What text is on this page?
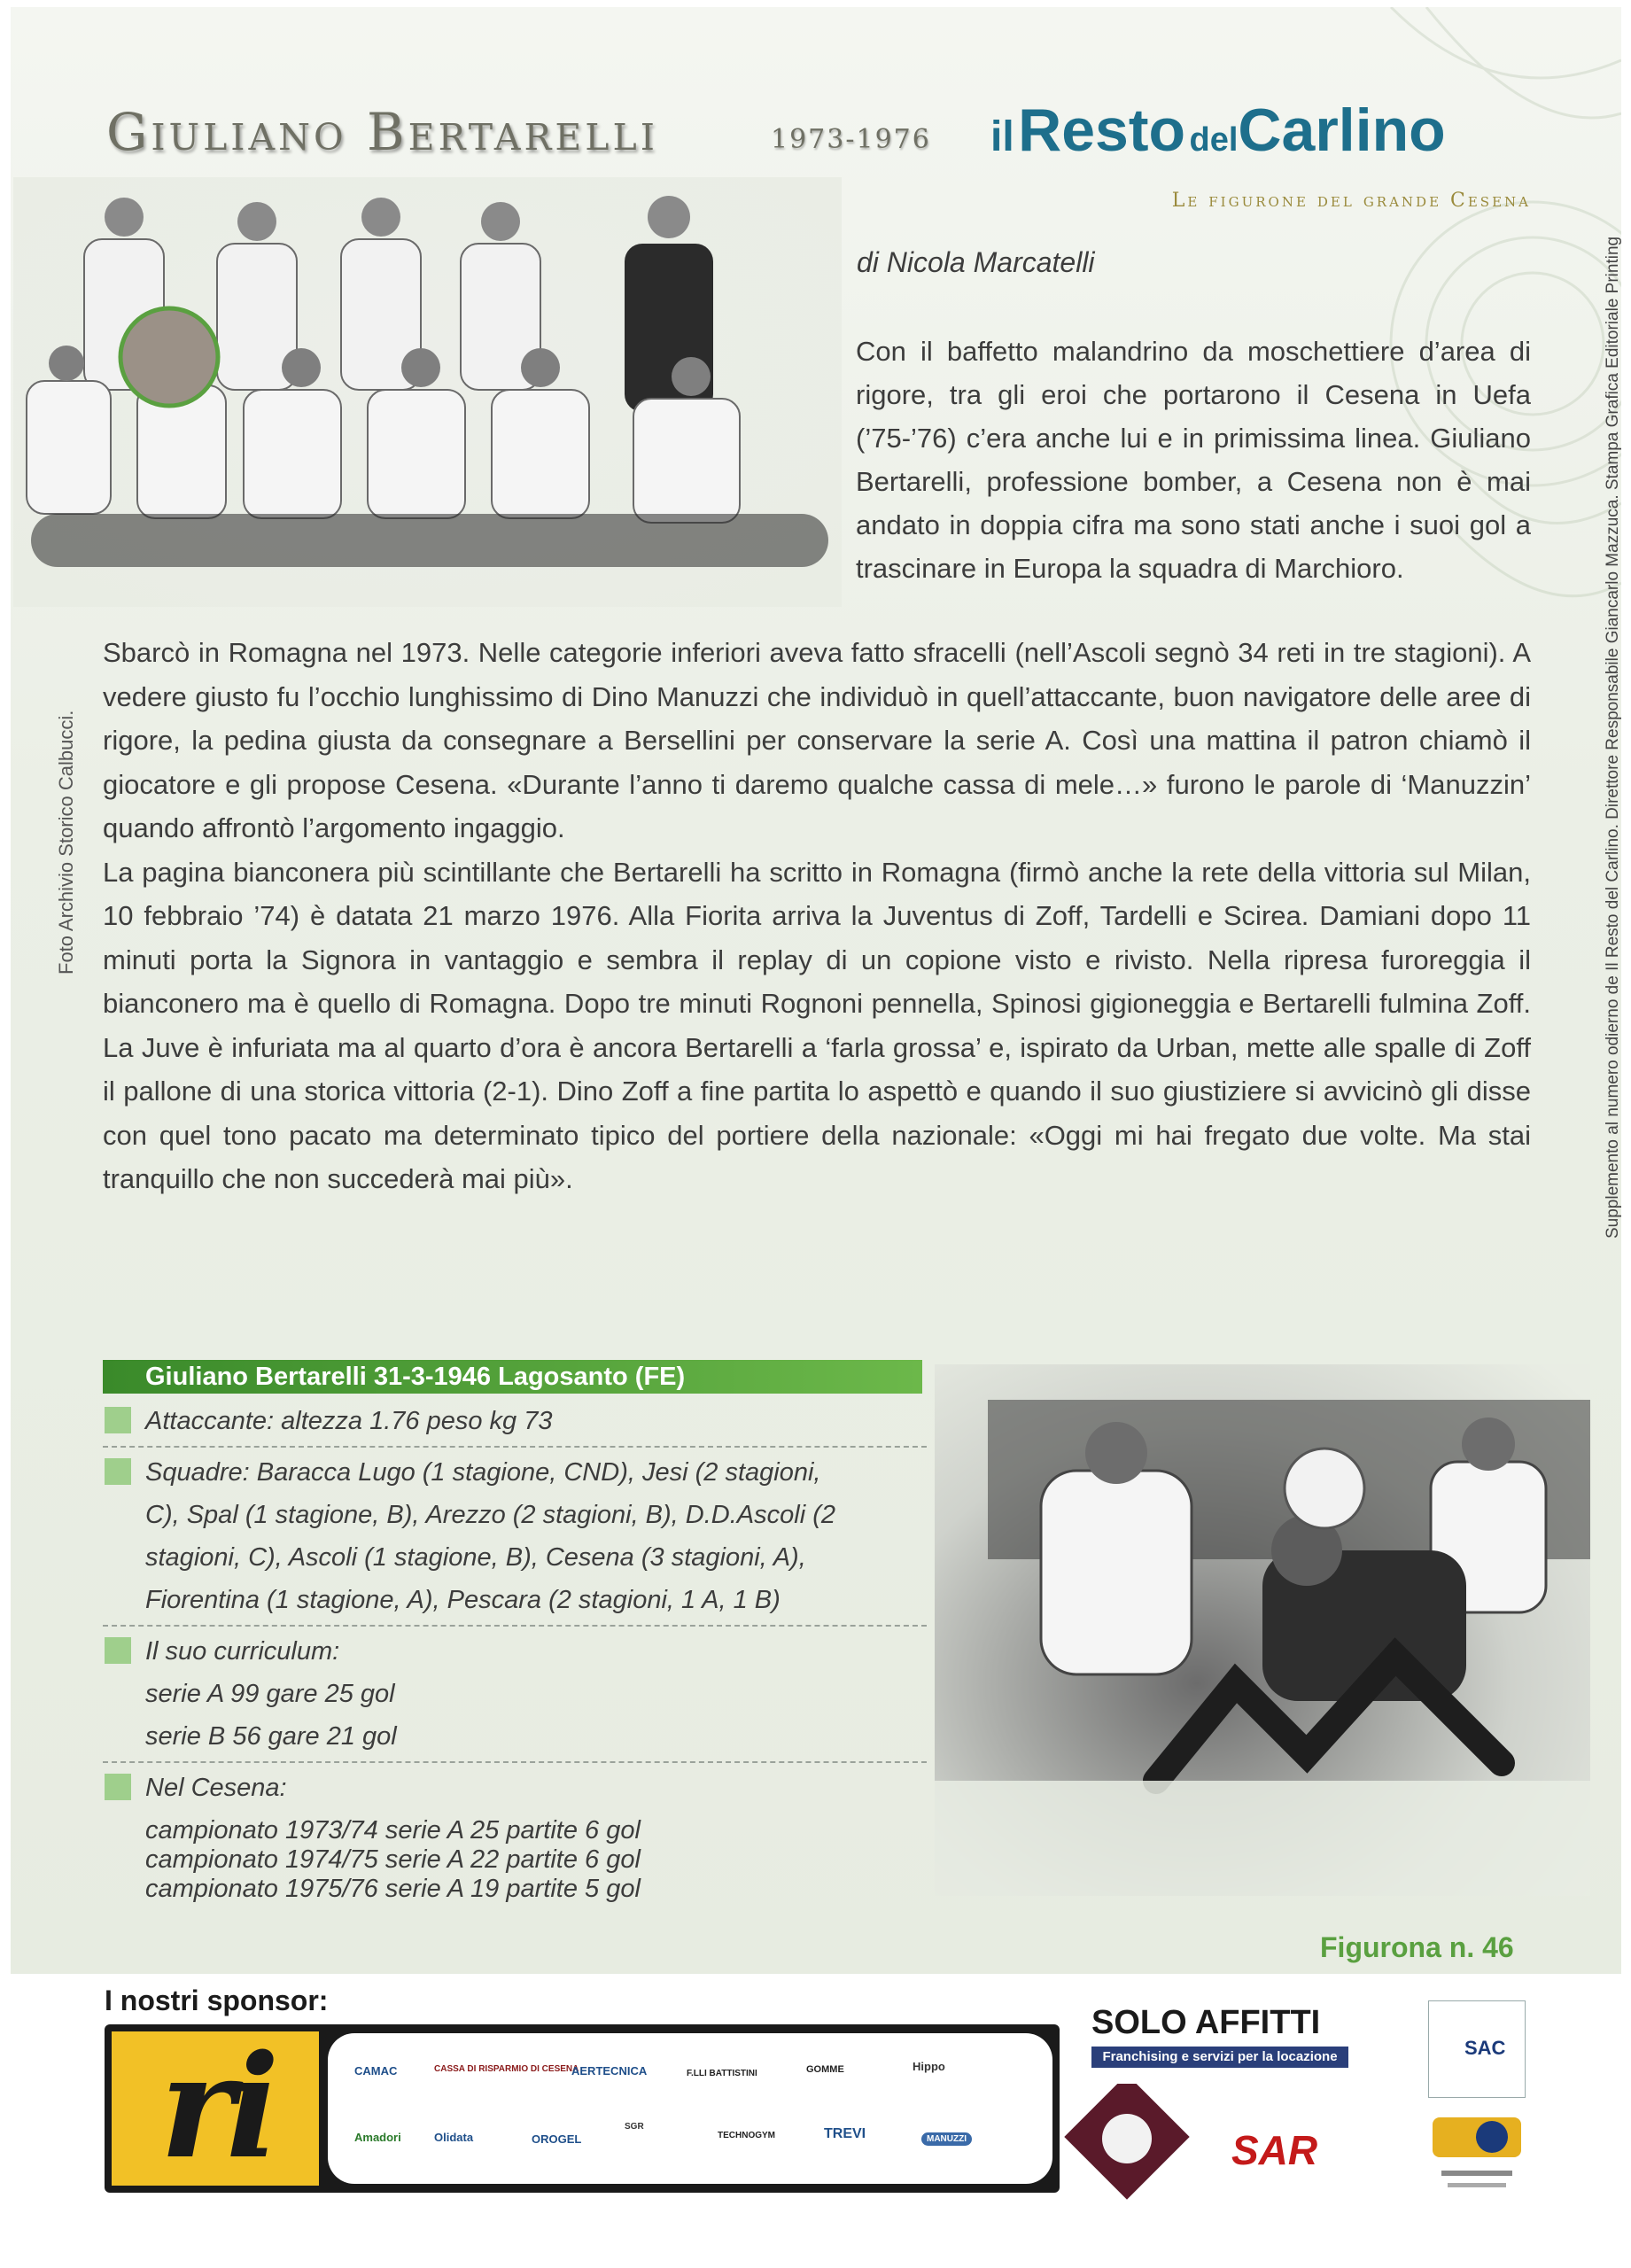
Giuliano Bertarelli	1973-1976 il Resto delCarlino
Le figurone del grande Cesena
di Nicola Marcatelli
Con il baffetto malandrino da moschettiere d’area di rigore, tra gli eroi che portarono il Cesena in Uefa (’75-’76) c’era anche lui e in primissima linea. Giuliano Bertarelli, professione bomber, a Cesena non è mai andato in doppia cifra ma sono stati anche i suoi gol a trascinare in Europa la squadra di Marchioro.

Sbarcò in Romagna nel 1973. Nelle categorie inferiori aveva fatto sfracelli (nell’Ascoli segnò 34 reti in tre stagioni). A vedere giusto fu l’occhio lunghissimo di Dino Manuzzi che individuò in quell’attaccante, buon navigatore delle aree di rigore, la pedina giusta da consegnare a Bersellini per conservare la serie A. Così una mattina il patron chiamò il giocatore e gli propose Cesena. «Durante l’anno ti daremo qualche cassa di mele…» furono le parole di ‘Manuzzin’ quando affrontò l’argomento ingaggio.

La pagina bianconera più scintillante che Bertarelli ha scritto in Romagna (firmò anche la rete della vittoria sul Milan, 10 febbraio ’74) è datata 21 marzo 1976. Alla Fiorita arriva la Juventus di Zoff, Tardelli e Scirea. Damiani dopo 11 minuti porta la Signora in vantaggio e sembra il replay di un copione visto e rivisto. Nella ripresa furoreggia il bianconero ma è quello di Romagna. Dopo tre minuti Rognoni pennella, Spinosi gigioneggia e Bertarelli fulmina Zoff. La Juve è infuriata ma al quarto d’ora è ancora Bertarelli a ‘farla grossa’ e, ispirato da Urban, mette alle spalle di Zoff il pallone di una storica vittoria (2-1). Dino Zoff a fine partita lo aspettò e quando il suo giustiziere si avvicinò gli disse con quel tono pacato ma determinato tipico del portiere della nazionale: «Oggi mi hai fregato due volte. Ma stai tranquillo che non succederà mai più».

Foto Archivio Storico Calbucci.	Supplemento al numero odierno de Il Resto del Carlino. Direttore Responsabile Giancarlo Mazzuca. Stampa Grafica Editoriale Printing
Giuliano Bertarelli 31-3-1946 Lagosanto (FE)
Attaccante: altezza 1.76 peso kg 73
Squadre: Baracca Lugo (1 stagione, CND), Jesi (2 stagioni,
C), Spal (1 stagione, B), Arezzo (2 stagioni, B), D.D.Ascoli (2
stagioni, C), Ascoli (1 stagione, B), Cesena (3 stagioni, A),
Fiorentina (1 stagione, A), Pescara (2 stagioni, 1 A, 1 B)
Il suo curriculum:
serie A 99 gare 25 gol
serie B 56 gare 21 gol
Nel Cesena:
campionato 1973/74 serie A 25 partite 6 gol
campionato 1974/75 serie A 22 partite 6 gol
campionato 1975/76 serie A 19 partite 5 gol
Figurona n. 46
I nostri sponsor:
ri	CAMAC	CASSA DI RISPARMIO DI CESENA
AERTECNICA	F.LLI BATTISTINI	GOMME	Hippo
Amadori	Olidata	OROGEL
SGR
TECHNOGYM	TREVI	MANUZZI
SOLO AFFITTI
Franchising e servizi per la locazione
SAR
SAC
